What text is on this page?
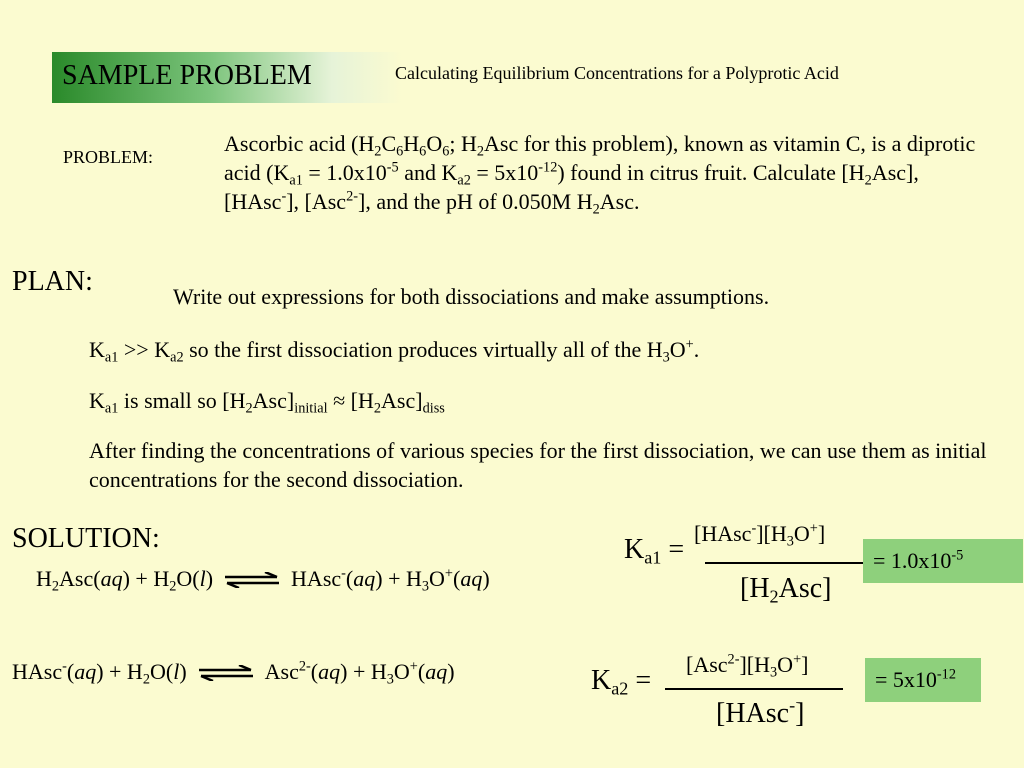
SAMPLE PROBLEM	Calculating Equilibrium Concentrations for a Polyprotic Acid
PROBLEM:
Ascorbic acid ($H_2C_6H_6O_6$; $H_2Asc$ for this problem), known as vitamin C, is a diprotic acid ($K_{a1} = 1.0x10^{-5}$ and $K_{a2} = 5x10^{-12}$) found in citrus fruit. Calculate $[H_2Asc]$, [HAsc-], [Asc$^{2-}$], and the pH of 0.050M $H_2Asc$.
PLAN:	Write out expressions for both dissociations and make assumptions.
$K_{a1} >> K_{a2}$ so the first dissociation produces virtually all of the $H_3O^+$.
$K_{a1}$ is small so $[H_2Asc]_{initial} \approx [H_2Asc]_{diss}$
After finding the concentrations of various species for the first dissociation, we can use them as initial concentrations for the second dissociation.
SOLUTION:
$H_2Asc(aq) + H_2O(l)$ ⇌ HAsc-(aq) + $H_3O^+(aq)$
HAsc-(aq) + $H_2O(l)$ ⇌ $Asc^{2-}(aq) + H_3O^+(aq)$
$K_{a1}$ =
$[HAsc^-][H_3O^+]$
$[H_2Asc]$
= $1.0x10^{-5}$
$K_{a2}$ =
$[Asc^{2-}][H_3O^+]$
[HAsc-]
= $5x10^{-12}$
